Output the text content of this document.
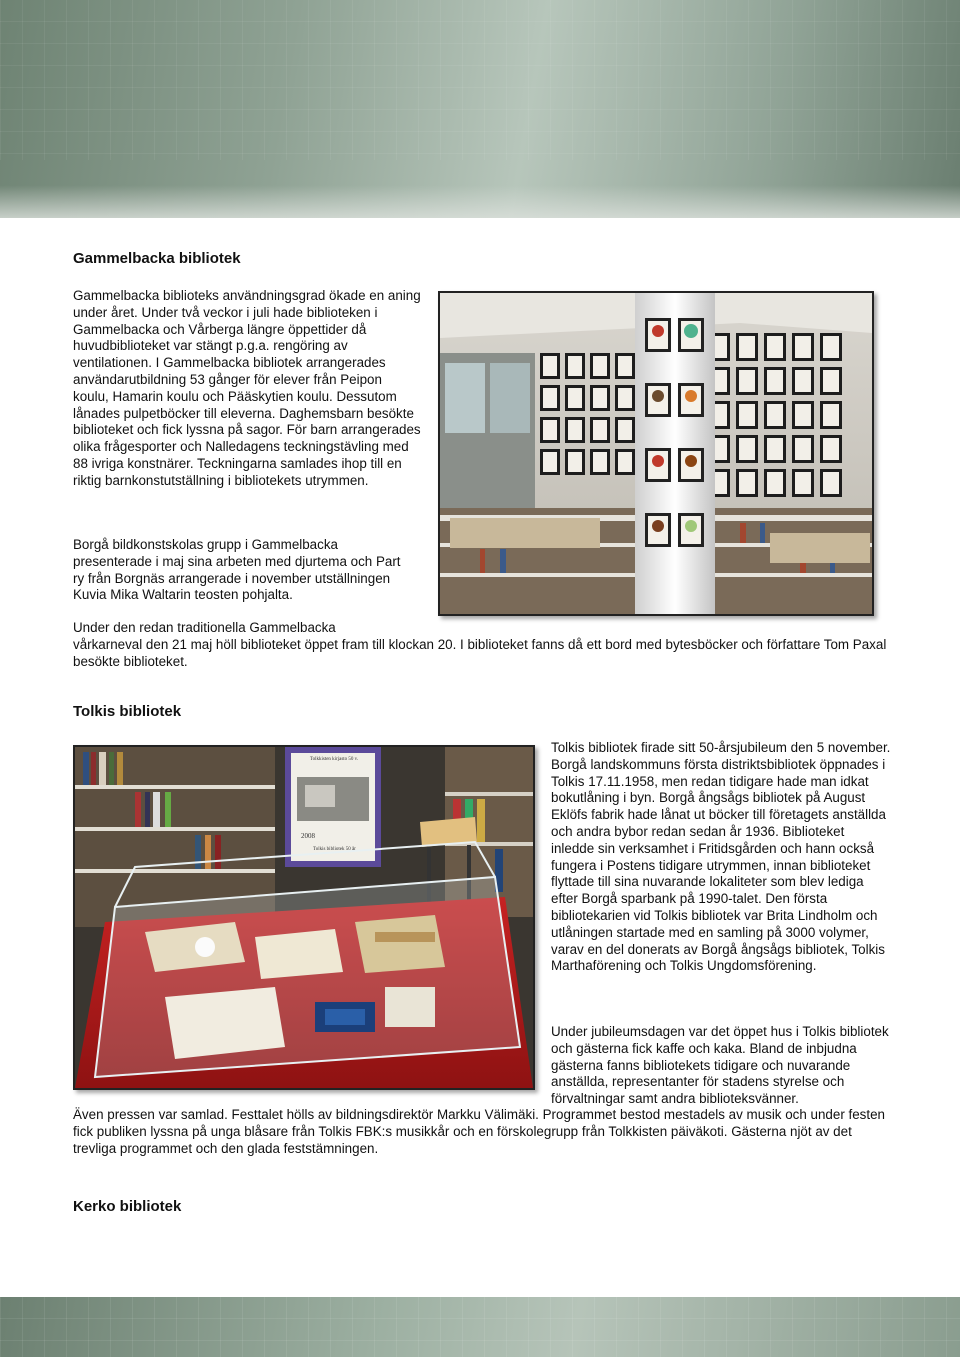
Gammelbacka bibliotek

Gammelbacka biblioteks användningsgrad ökade en aning under året. Under två veckor i juli hade biblioteken i Gammelbacka och Vårberga längre öppettider då huvudbiblioteket var stängt p.g.a. rengöring av ventilationen. I Gammelbacka bibliotek arrangerades användarutbildning 53 gånger för elever från Peipon koulu, Hamarin koulu och Pääskytien koulu. Dessutom lånades pulpetböcker till eleverna. Daghemsbarn besökte biblioteket och fick lyssna på sagor. För barn arrangerades olika frågesporter och Nalledagens teckningstävling med 88 ivriga konstnärer. Teckningarna samlades ihop till en riktig barnkonstutställning i bibliotekets utrymmen.

Borgå bildkonstskolas grupp i Gammelbacka presenterade i maj sina arbeten med djurtema och Part ry från Borgnäs arrangerade i november utställningen Kuvia Mika Waltarin teosten pohjalta.

Under den redan traditionella Gammelbacka

vårkarneval den 21 maj höll biblioteket öppet fram till klockan 20. I biblioteket fanns då ett bord med bytesböcker och författare Tom Paxal besökte biblioteket.

Tolkis bibliotek
Tolkkisten kirjasto 50 v.
2008
Tolkis bibliotek 50 år

Tolkis bibliotek firade sitt 50-årsjubileum den 5 november. Borgå landskommuns första distriktsbibliotek öppnades i Tolkis 17.11.1958, men redan tidigare hade man idkat bokutlåning i byn. Borgå ångsågs bibliotek på August Eklöfs fabrik hade lånat ut böcker till företagets anställda och andra bybor redan sedan år 1936. Biblioteket inledde sin verksamhet i Fritidsgården och hann också fungera i Postens tidigare utrymmen, innan biblioteket flyttade till sina nuvarande lokaliteter som blev lediga efter Borgå sparbank på 1990-talet. Den första bibliotekarien vid Tolkis bibliotek var Brita Lindholm och utlåningen startade med en samling på 3000 volymer, varav en del donerats av Borgå ångsågs bibliotek, Tolkis Marthaförening och Tolkis Ungdomsförening.

Under jubileumsdagen var det öppet hus i Tolkis bibliotek och gästerna fick kaffe och kaka. Bland de inbjudna gästerna fanns bibliotekets tidigare och nuvarande anställda, representanter för stadens styrelse och förvaltningar samt andra biblioteksvänner.

Även pressen var samlad. Festtalet hölls av bildningsdirektör Markku Välimäki. Programmet bestod mestadels av musik och under festen fick publiken lyssna på unga blåsare från Tolkis FBK:s musikkår och en förskolegrupp från Tolkkisten päiväkoti. Gästerna njöt av det trevliga programmet och den glada feststämningen.

Kerko bibliotek
